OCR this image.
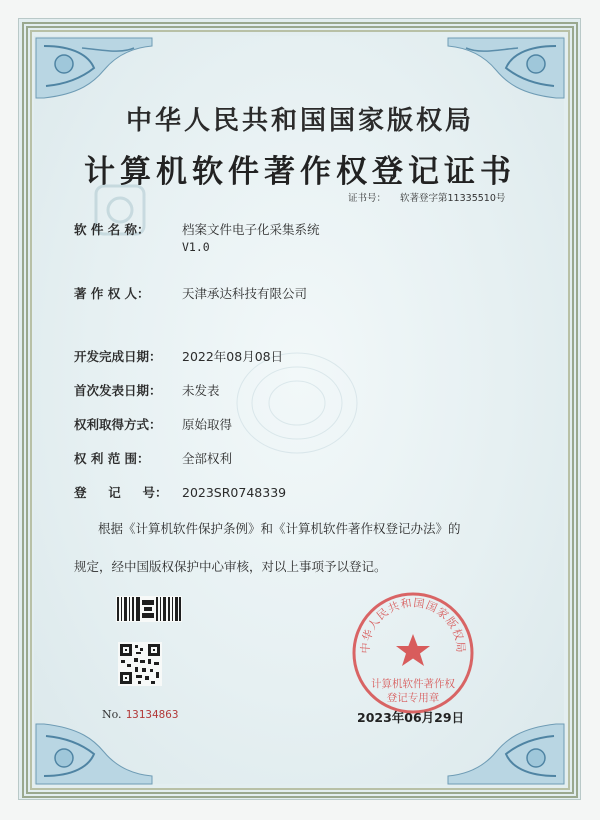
中华人民共和国国家版权局
计算机软件著作权登记证书
证书号： 软著登字第11335510号
软 件 名 称：	档案文件电子化采集系统
V1.0
著 作 权 人：	天津承达科技有限公司
开发完成日期： 2022年08月08日
首次发表日期： 未发表
权利取得方式： 原始取得
权 利 范 围：	全部权利
登     记     号： 2023SR0748339
根据《计算机软件保护条例》和《计算机软件著作权登记办法》的
规定，经中国版权保护中心审核，对以上事项予以登记。
No. 13134863
中华人民共和国国家版权局
计算机软件著作权
登记专用章
2023年06月29日
